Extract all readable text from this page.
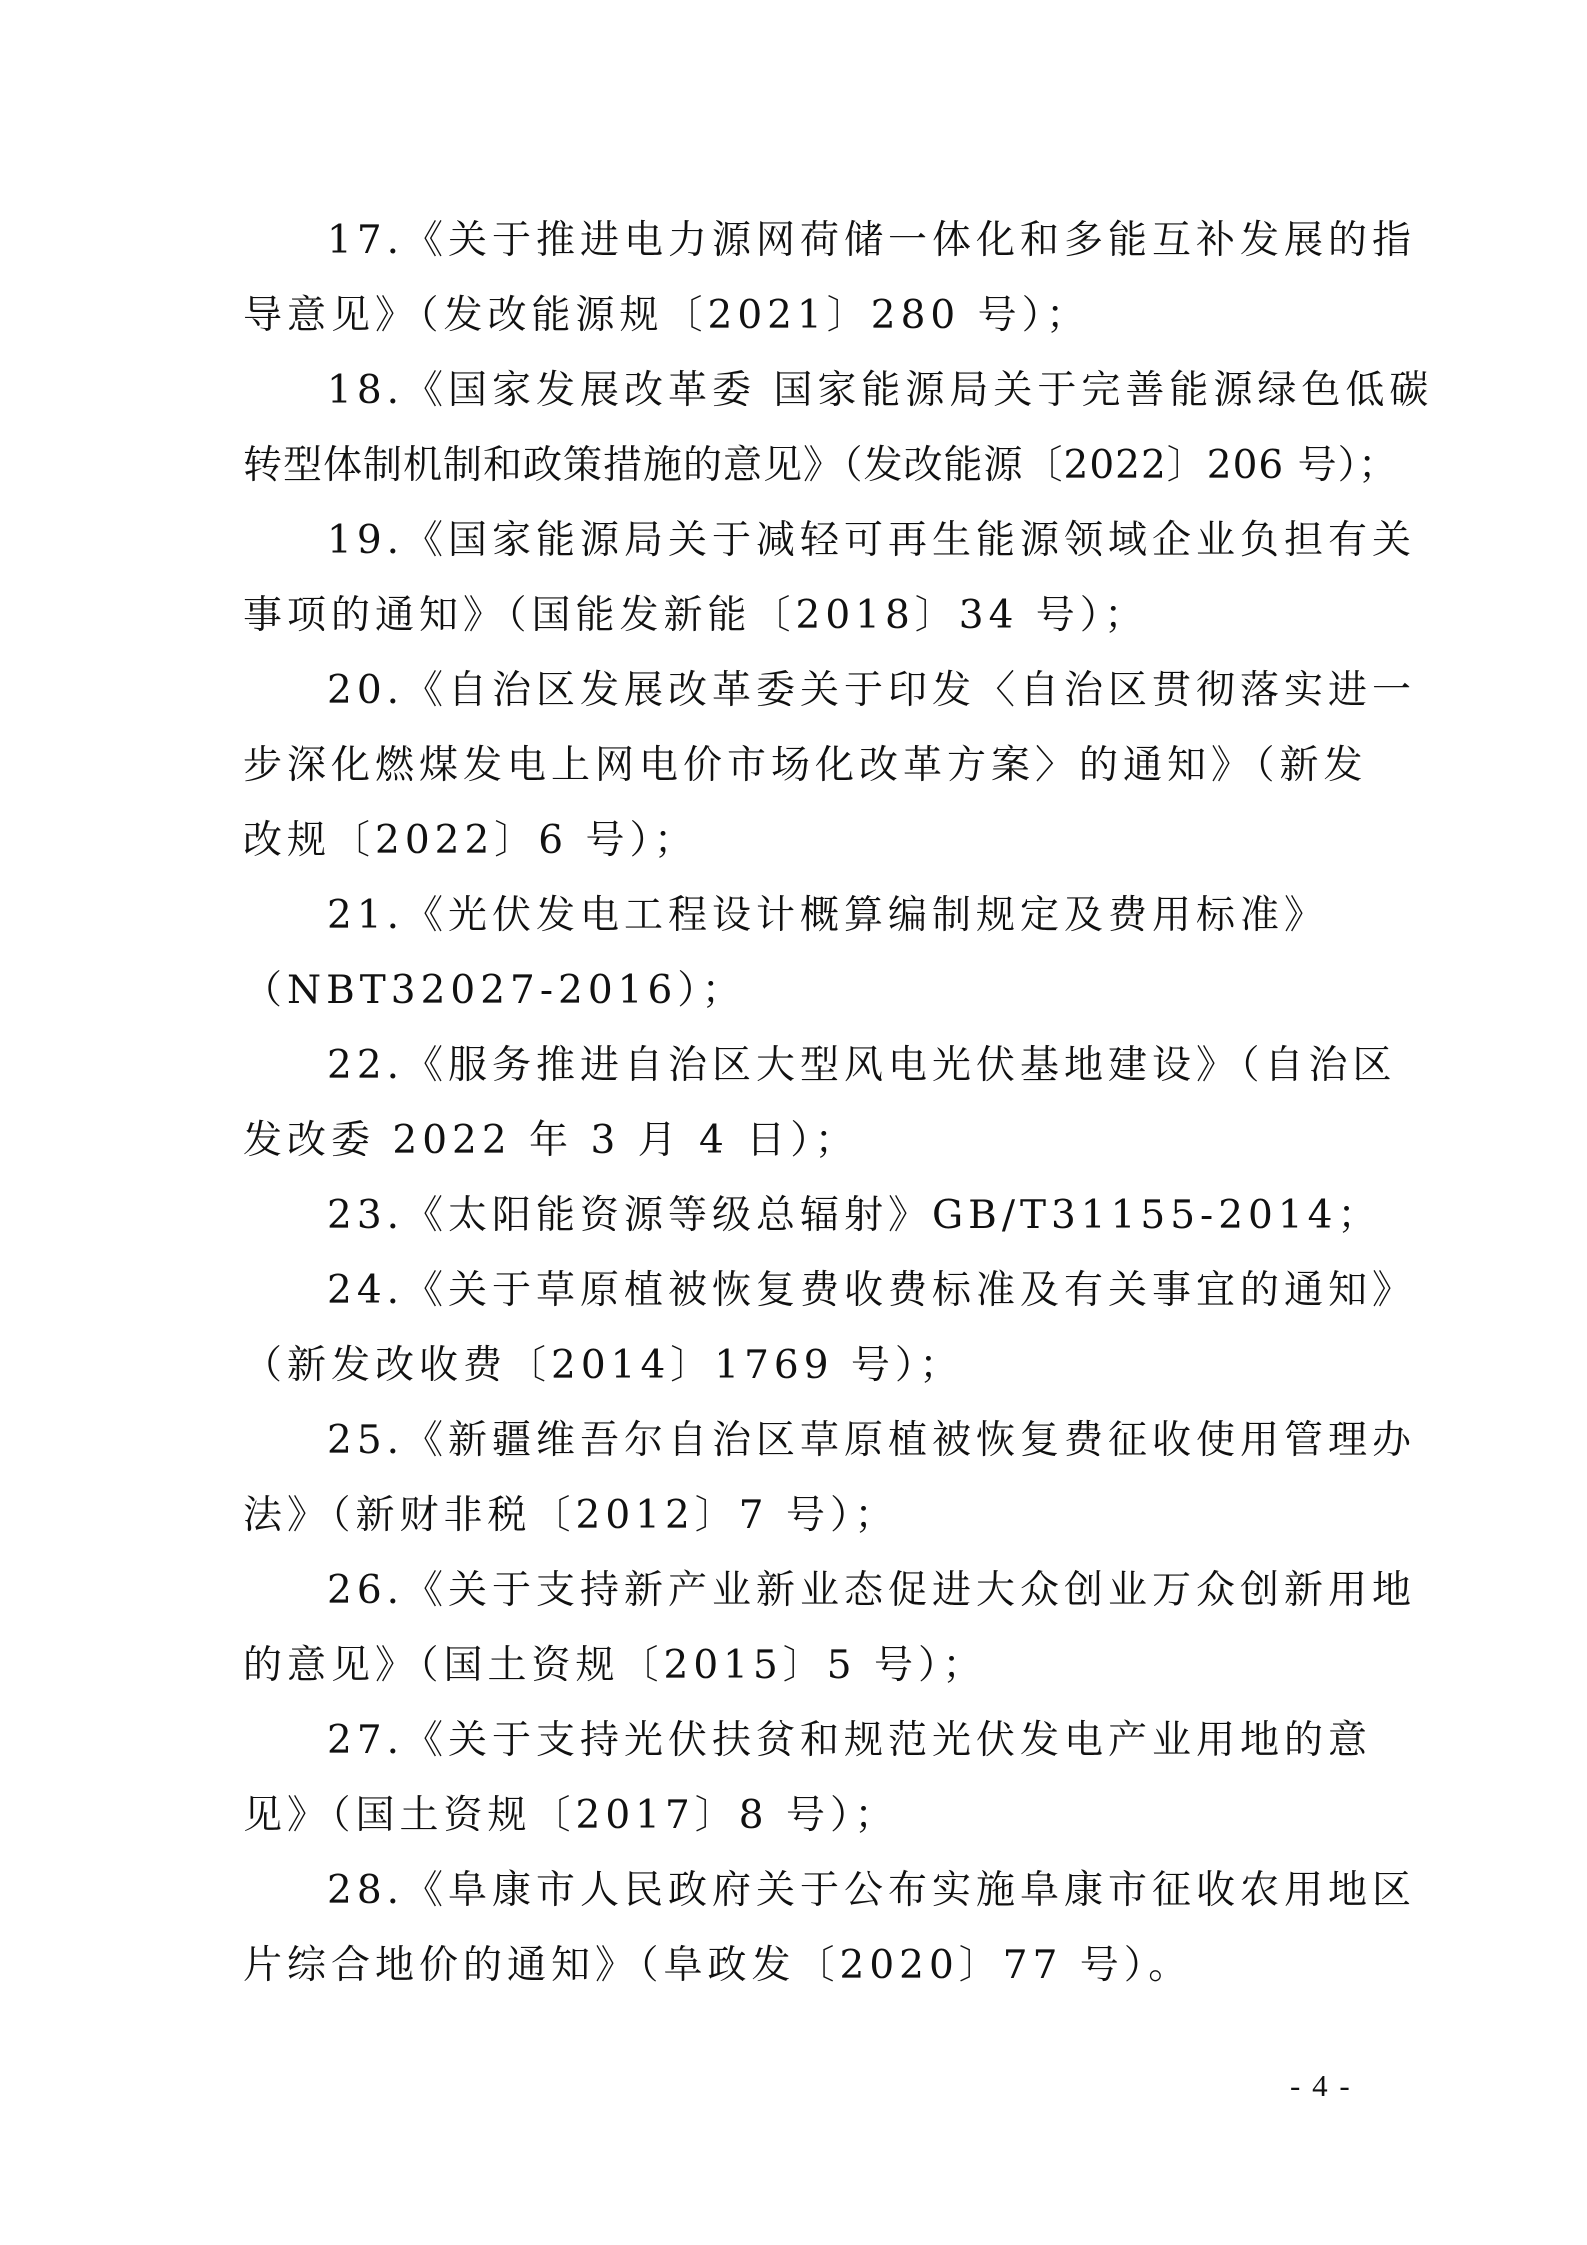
17.《关于推进电力源网荷储一体化和多能互补发展的指
导意见》（发改能源规〔2021〕280 号）；

18.《国家发展改革委 国家能源局关于完善能源绿色低碳
转型体制机制和政策措施的意见》（发改能源〔2022〕206 号）；

19.《国家能源局关于减轻可再生能源领域企业负担有关
事项的通知》（国能发新能〔2018〕34 号）；

20.《自治区发展改革委关于印发〈自治区贯彻落实进一
步深化燃煤发电上网电价市场化改革方案〉的通知》（新发
改规〔2022〕6 号）；

21.《光伏发电工程设计概算编制规定及费用标准》
（NBT32027-2016）；

22.《服务推进自治区大型风电光伏基地建设》（自治区
发改委 2022 年 3 月 4 日）；

23.《太阳能资源等级总辐射》GB/T31155-2014；

24.《关于草原植被恢复费收费标准及有关事宜的通知》
（新发改收费〔2014〕1769 号）；

25.《新疆维吾尔自治区草原植被恢复费征收使用管理办
法》（新财非税〔2012〕7 号）；

26.《关于支持新产业新业态促进大众创业万众创新用地
的意见》（国土资规〔2015〕5 号）；

27.《关于支持光伏扶贫和规范光伏发电产业用地的意
见》（国土资规〔2017〕8 号）；

28.《阜康市人民政府关于公布实施阜康市征收农用地区
片综合地价的通知》（阜政发〔2020〕77 号）。

- 4 -
